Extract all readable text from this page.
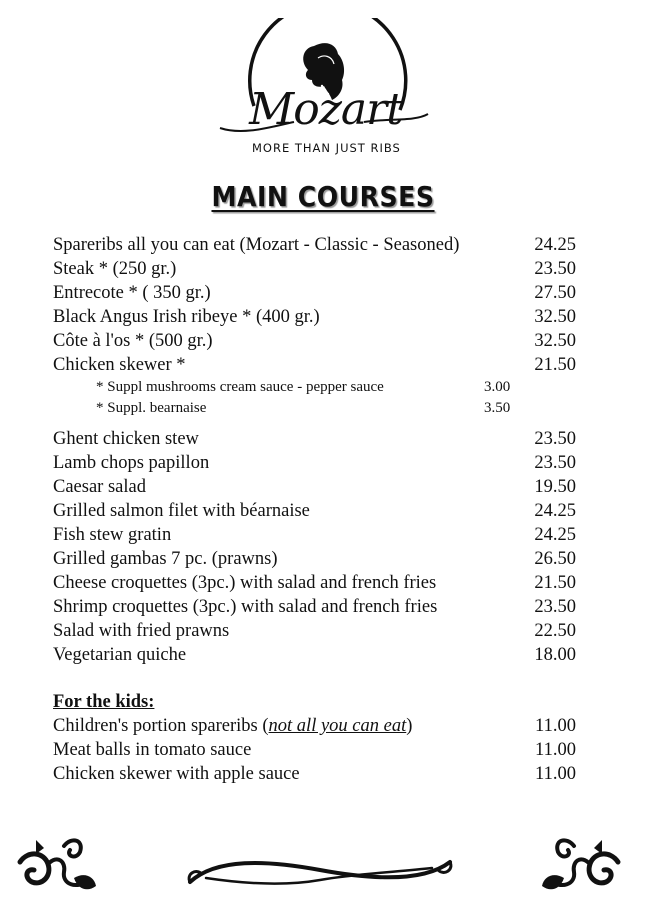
Mozart
MORE THAN JUST RIBS
MAIN COURSES
Spareribs all you can eat (Mozart - Classic - Seasoned)	24.25
Steak * (250 gr.)	23.50
Entrecote * ( 350 gr.)	27.50
Black Angus Irish ribeye * (400 gr.)	32.50
Côte à l'os * (500 gr.)	32.50
Chicken skewer *	21.50
* Suppl mushrooms cream sauce - pepper sauce	3.00
* Suppl. bearnaise	3.50
Ghent chicken stew	23.50
Lamb chops papillon	23.50
Caesar salad	19.50
Grilled salmon filet with béarnaise	24.25
Fish stew gratin	24.25
Grilled gambas 7 pc. (prawns)	26.50
Cheese croquettes (3pc.) with salad and french fries	21.50
Shrimp croquettes (3pc.) with salad and french fries	23.50
Salad with fried prawns	22.50
Vegetarian quiche	18.00
For the kids:
Children's portion spareribs (not all you can eat)	11.00
Meat balls in tomato sauce	11.00
Chicken skewer with apple sauce	11.00
